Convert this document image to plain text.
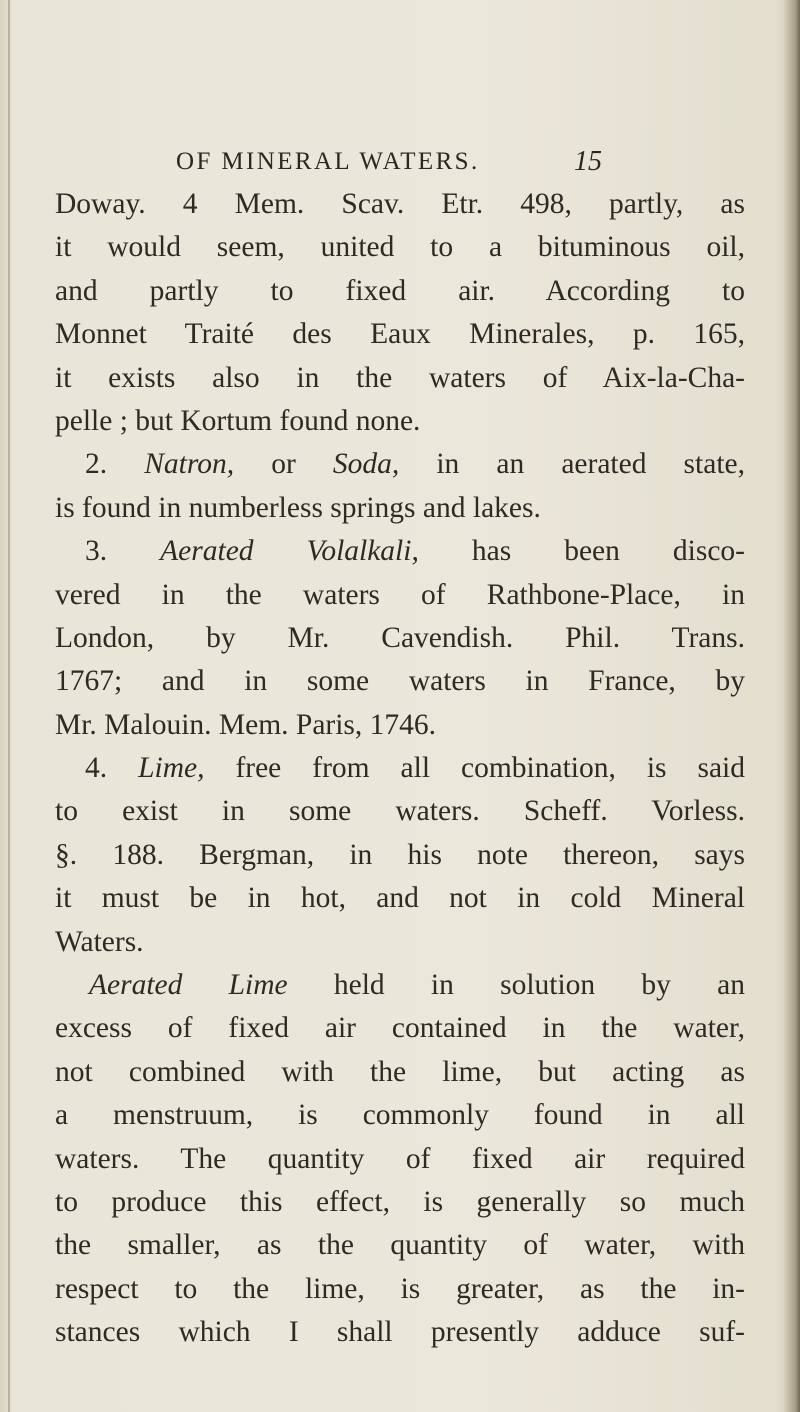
OF MINERAL WATERS.	15
Doway. 4 Mem. Scav. Etr. 498, partly, as
it would seem, united to a bituminous oil,
and partly to fixed air. According to
Monnet Traité des Eaux Minerales, p. 165,
it exists also in the waters of Aix-la-Cha-
pelle ; but Kortum found none.
2. Natron, or Soda, in an aerated state,
is found in numberless springs and lakes.
3. Aerated Volalkali, has been disco-
vered in the waters of Rathbone-Place, in
London, by Mr. Cavendish. Phil. Trans.
1767; and in some waters in France, by
Mr. Malouin. Mem. Paris, 1746.
4. Lime, free from all combination, is said
to exist in some waters. Scheff. Vorless.
§. 188. Bergman, in his note thereon, says
it must be in hot, and not in cold Mineral
Waters.
Aerated Lime held in solution by an
excess of fixed air contained in the water,
not combined with the lime, but acting as
a menstruum, is commonly found in all
waters. The quantity of fixed air required
to produce this effect, is generally so much
the smaller, as the quantity of water, with
respect to the lime, is greater, as the in-
stances which I shall presently adduce suf-
